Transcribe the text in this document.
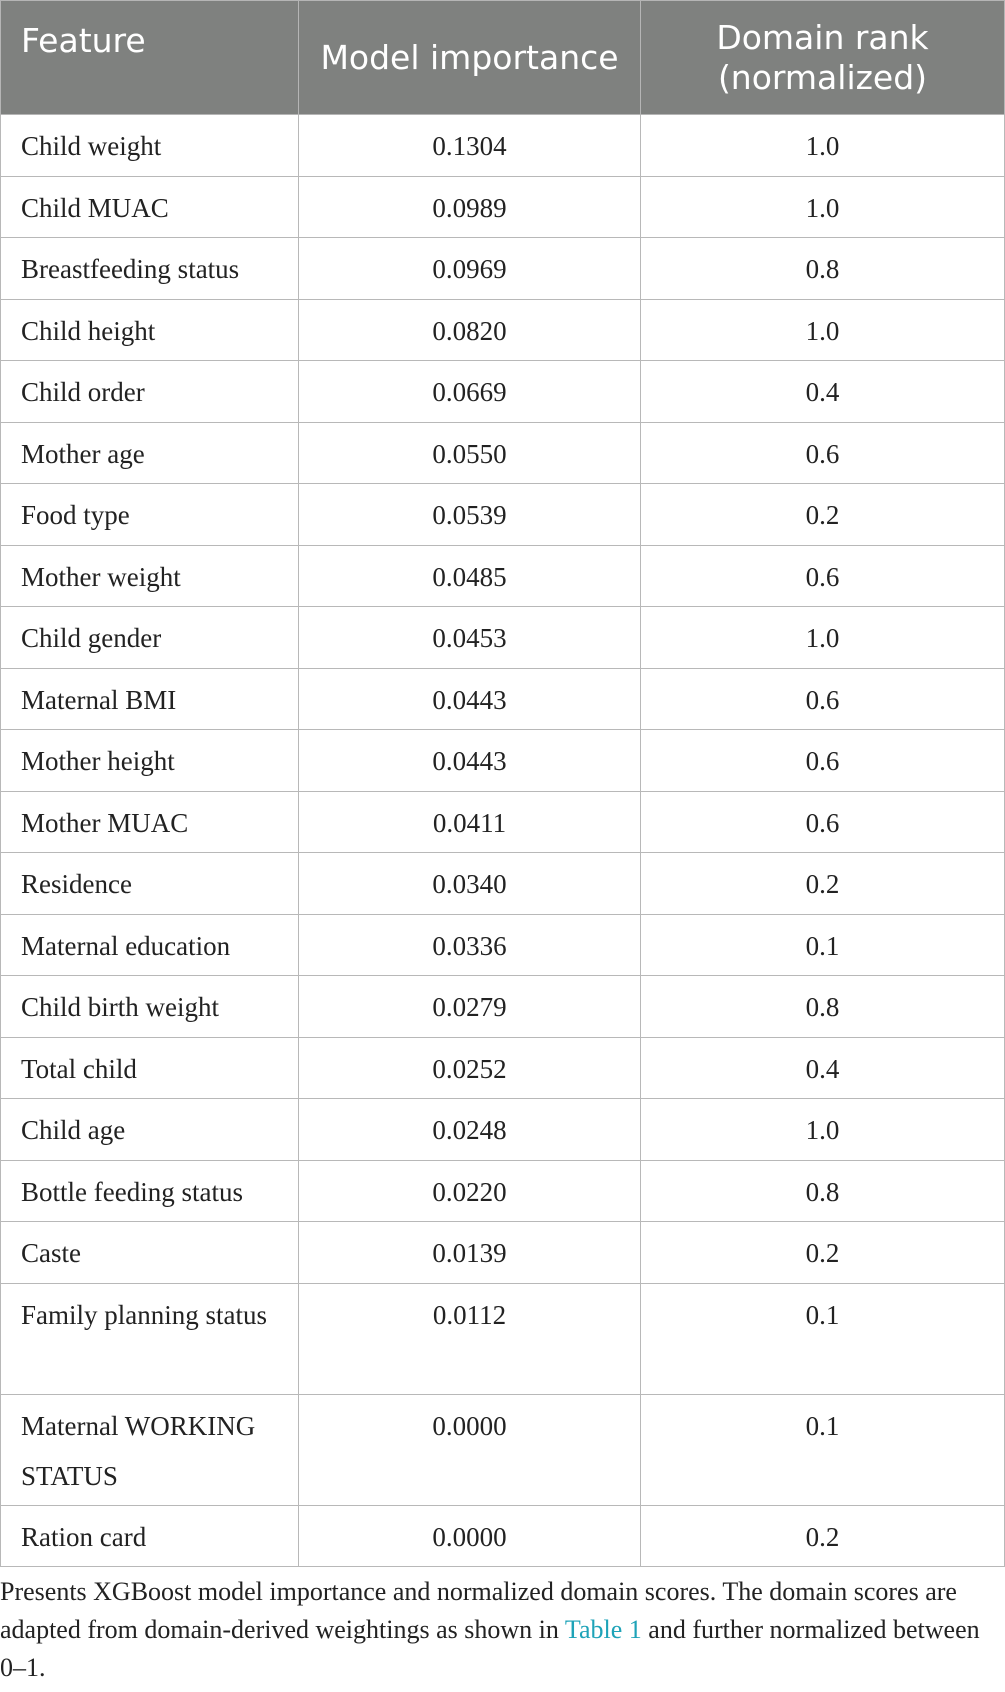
Feature	Model importance	Domain rank (normalized)
Child weight	0.1304	1.0
Child MUAC	0.0989	1.0
Breastfeeding status	0.0969	0.8
Child height	0.0820	1.0
Child order	0.0669	0.4
Mother age	0.0550	0.6
Food type	0.0539	0.2
Mother weight	0.0485	0.6
Child gender	0.0453	1.0
Maternal BMI	0.0443	0.6
Mother height	0.0443	0.6
Mother MUAC	0.0411	0.6
Residence	0.0340	0.2
Maternal education	0.0336	0.1
Child birth weight	0.0279	0.8
Total child	0.0252	0.4
Child age	0.0248	1.0
Bottle feeding status	0.0220	0.8
Caste	0.0139	0.2
Family planning status	0.0112	0.1
Maternal WORKING STATUS	0.0000	0.1
Ration card	0.0000	0.2
Presents XGBoost model importance and normalized domain scores. The domain scores are adapted from domain-derived weightings as shown in Table 1 and further normalized between 0–1.
